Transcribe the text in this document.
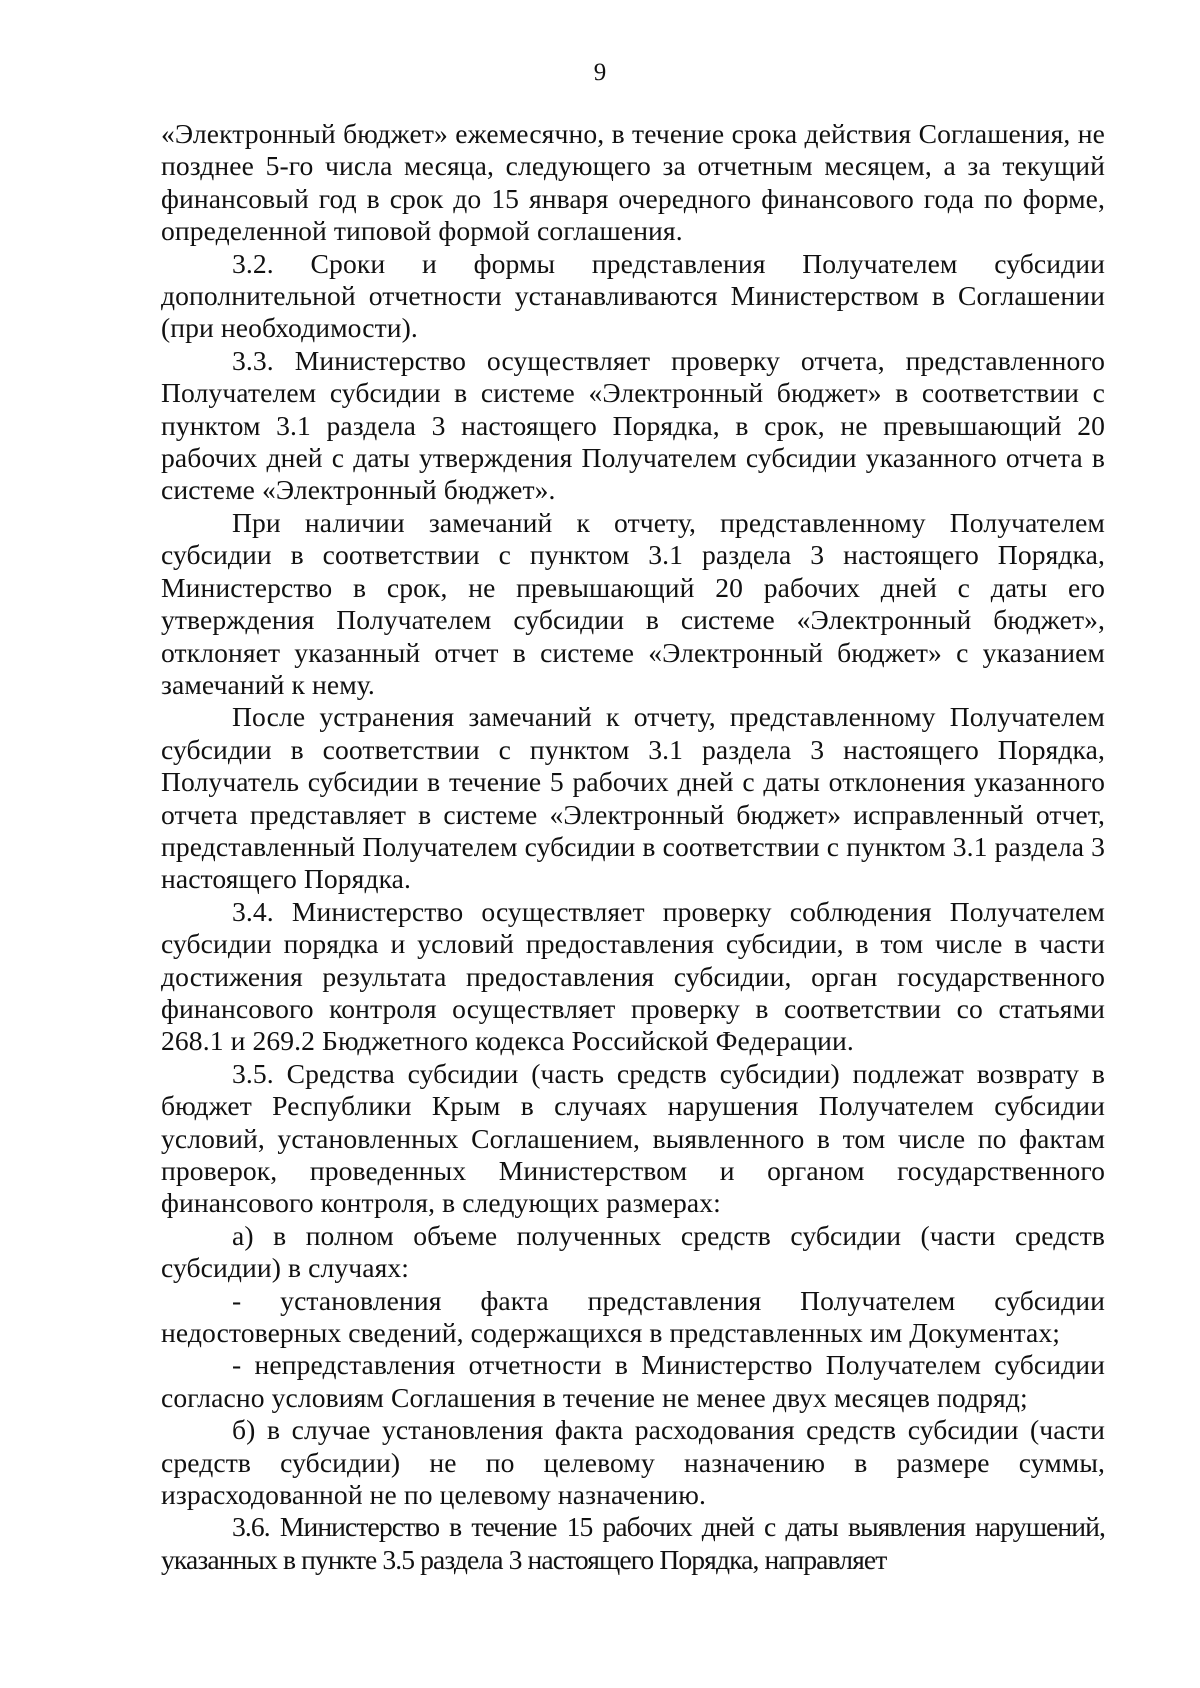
9

«Электронный бюджет» ежемесячно, в течение срока действия Соглашения, не позднее 5-го числа месяца, следующего за отчетным месяцем, а за текущий финансовый год в срок до 15 января очередного финансового года по форме, определенной типовой формой соглашения.

3.2. Сроки и формы представления Получателем субсидии дополнительной отчетности устанавливаются Министерством в Соглашении (при необходимости).

3.3. Министерство осуществляет проверку отчета, представленного Получателем субсидии в системе «Электронный бюджет» в соответствии с пунктом 3.1 раздела 3 настоящего Порядка, в срок, не превышающий 20 рабочих дней с даты утверждения Получателем субсидии указанного отчета в системе «Электронный бюджет».

При наличии замечаний к отчету, представленному Получателем субсидии в соответствии с пунктом 3.1 раздела 3 настоящего Порядка, Министерство в срок, не превышающий 20 рабочих дней с даты его утверждения Получателем субсидии в системе «Электронный бюджет», отклоняет указанный отчет в системе «Электронный бюджет» с указанием замечаний к нему.

После устранения замечаний к отчету, представленному Получателем субсидии в соответствии с пунктом 3.1 раздела 3 настоящего Порядка, Получатель субсидии в течение 5 рабочих дней с даты отклонения указанного отчета представляет в системе «Электронный бюджет» исправленный отчет, представленный Получателем субсидии в соответствии с пунктом 3.1 раздела 3 настоящего Порядка.

3.4. Министерство осуществляет проверку соблюдения Получателем субсидии порядка и условий предоставления субсидии, в том числе в части достижения результата предоставления субсидии, орган государственного финансового контроля осуществляет проверку в соответствии со статьями 268.1 и 269.2 Бюджетного кодекса Российской Федерации.

3.5. Средства субсидии (часть средств субсидии) подлежат возврату в бюджет Республики Крым в случаях нарушения Получателем субсидии условий, установленных Соглашением, выявленного в том числе по фактам проверок, проведенных Министерством и органом государственного финансового контроля, в следующих размерах:

а) в полном объеме полученных средств субсидии (части средств субсидии) в случаях:

- установления факта представления Получателем субсидии недостоверных сведений, содержащихся в представленных им Документах;

- непредставления отчетности в Министерство Получателем субсидии согласно условиям Соглашения в течение не менее двух месяцев подряд;

б) в случае установления факта расходования средств субсидии (части средств субсидии) не по целевому назначению в размере суммы, израсходованной не по целевому назначению.

3.6. Министерство в течение 15 рабочих дней с даты выявления нарушений, указанных в пункте 3.5 раздела 3 настоящего Порядка, направляет
